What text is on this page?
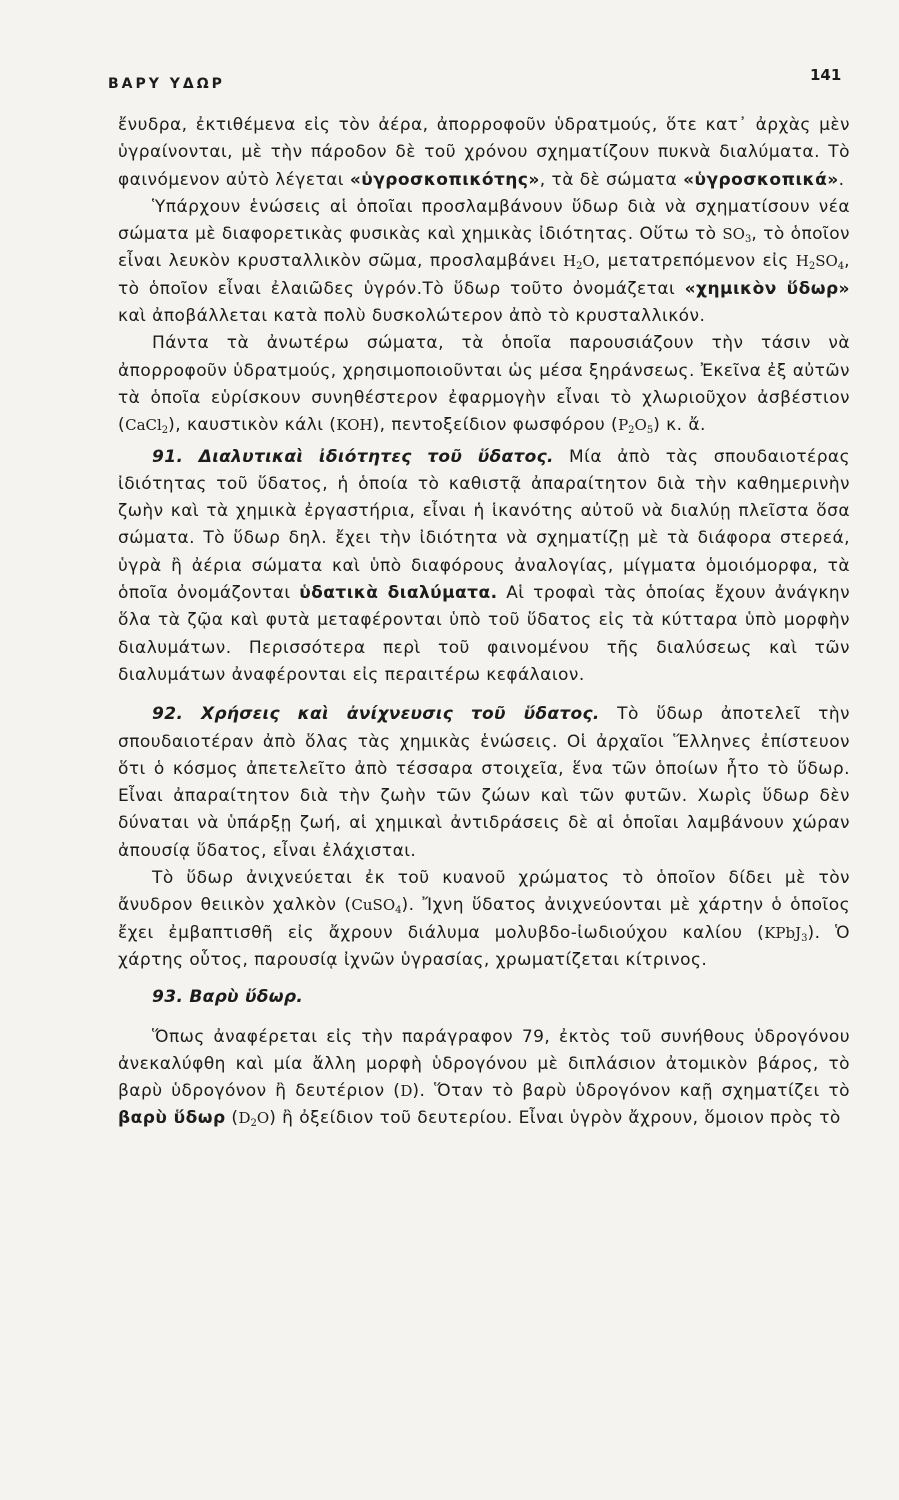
ΒΑΡΥ ΥΔΩΡ	141

ἔνυδρα, ἐκτιθέμενα εἰς τὸν ἀέρα, ἀπορροφοῦν ὑδρατμούς, ὅτε κατ᾽ ἀρχὰς μὲν ὑγραίνονται, μὲ τὴν πάροδον δὲ τοῦ χρόνου σχηματίζουν πυκνὰ διαλύματα. Τὸ φαινόμενον αὐτὸ λέγεται «ὑγροσκοπικότης», τὰ δὲ σώματα «ὑγροσκοπικά».

Ὑπάρχουν ἑνώσεις αἱ ὁποῖαι προσλαμβάνουν ὕδωρ διὰ νὰ σχηματίσουν νέα σώματα μὲ διαφορετικὰς φυσικὰς καὶ χημικὰς ἰδιότητας. Οὕτω τὸ $SO_3$, τὸ ὁποῖον εἶναι λευκὸν κρυσταλλικὸν σῶμα, προσλαμβάνει $H_2O$, μετατρεπόμενον εἰς $H_2SO_4$, τὸ ὁποῖον εἶναι ἐλαιῶδες ὑγρόν.Τὸ ὕδωρ τοῦτο ὀνομάζεται «χημικὸν ὕδωρ» καὶ ἀποβάλλεται κατὰ πολὺ δυσκολώτερον ἀπὸ τὸ κρυσταλλικόν.

Πάντα τὰ ἀνωτέρω σώματα, τὰ ὁποῖα παρουσιάζουν τὴν τάσιν νὰ ἀπορροφοῦν ὑδρατμούς, χρησιμοποιοῦνται ὡς μέσα ξηράνσεως. Ἐκεῖνα ἐξ αὐτῶν τὰ ὁποῖα εὑρίσκουν συνηθέστερον ἐφαρμογὴν εἶναι τὸ χλωριοῦχον ἀσβέστιον (CaCl$_2$), καυστικὸν κάλι (KOH), πεντοξείδιον φωσφόρου $(P_2O_5)$ κ. ἄ.

91. Διαλυτικαὶ ἰδιότητες τοῦ ὕδατος. Μία ἀπὸ τὰς σπουδαιοτέρας ἰδιότητας τοῦ ὕδατος, ἡ ὁποία τὸ καθιστᾷ ἀπαραίτητον διὰ τὴν καθημερινὴν ζωὴν καὶ τὰ χημικὰ ἐργαστήρια, εἶναι ἡ ἱκανότης αὐτοῦ νὰ διαλύῃ πλεῖστα ὅσα σώματα. Τὸ ὕδωρ δηλ. ἔχει τὴν ἰδιότητα νὰ σχηματίζῃ μὲ τὰ διάφορα στερεά, ὑγρὰ ἢ ἀέρια σώματα καὶ ὑπὸ διαφόρους ἀναλογίας, μίγματα ὁμοιόμορφα, τὰ ὁποῖα ὀνομάζονται ὑδατικὰ διαλύματα. Αἱ τροφαὶ τὰς ὁποίας ἔχουν ἀνάγκην ὅλα τὰ ζῷα καὶ φυτὰ μεταφέρονται ὑπὸ τοῦ ὕδατος εἰς τὰ κύτταρα ὑπὸ μορφὴν διαλυμάτων. Περισσότερα περὶ τοῦ φαινομένου τῆς διαλύσεως καὶ τῶν διαλυμάτων ἀναφέρονται εἰς περαιτέρω κεφάλαιον.

92. Χρήσεις καὶ ἀνίχνευσις τοῦ ὕδατος. Τὸ ὕδωρ ἀποτελεῖ τὴν σπουδαιοτέραν ἀπὸ ὅλας τὰς χημικὰς ἑνώσεις. Οἱ ἀρχαῖοι Ἕλληνες ἐπίστευον ὅτι ὁ κόσμος ἀπετελεῖτο ἀπὸ τέσσαρα στοιχεῖα, ἕνα τῶν ὁποίων ἦτο τὸ ὕδωρ. Εἶναι ἀπαραίτητον διὰ τὴν ζωὴν τῶν ζώων καὶ τῶν φυτῶν. Χωρὶς ὕδωρ δὲν δύναται νὰ ὑπάρξῃ ζωή, αἱ χημικαὶ ἀντιδράσεις δὲ αἱ ὁποῖαι λαμβάνουν χώραν ἀπουσίᾳ ὕδατος, εἶναι ἐλάχισται.

Τὸ ὕδωρ ἀνιχνεύεται ἐκ τοῦ κυανοῦ χρώματος τὸ ὁποῖον δίδει μὲ τὸν ἄνυδρον θειικὸν χαλκὸν (CuSO$_4$). Ἴχνη ὕδατος ἀνιχνεύονται μὲ χάρτην ὁ ὁποῖος ἔχει ἐμβαπτισθῆ εἰς ἄχρουν διάλυμα μολυβδο-ἰωδιούχου καλίου (KPbJ$_3$). Ὁ χάρτης οὗτος, παρουσίᾳ ἰχνῶν ὑγρασίας, χρωματίζεται κίτρινος.

93. Βαρὺ ὕδωρ.

Ὅπως ἀναφέρεται εἰς τὴν παράγραφον 79, ἐκτὸς τοῦ συνήθους ὑδρογόνου ἀνεκαλύφθη καὶ μία ἄλλη μορφὴ ὑδρογόνου μὲ διπλάσιον ἀτομικὸν βάρος, τὸ βαρὺ ὑδρογόνον ἢ δευτέριον (D). Ὅταν τὸ βαρὺ ὑδρογόνον καῇ σχηματίζει τὸ βαρὺ ὕδωρ $(D_2O)$ ἢ ὀξείδιον τοῦ δευτερίου. Εἶναι ὑγρὸν ἄχρουν, ὅμοιον πρὸς τὸ
